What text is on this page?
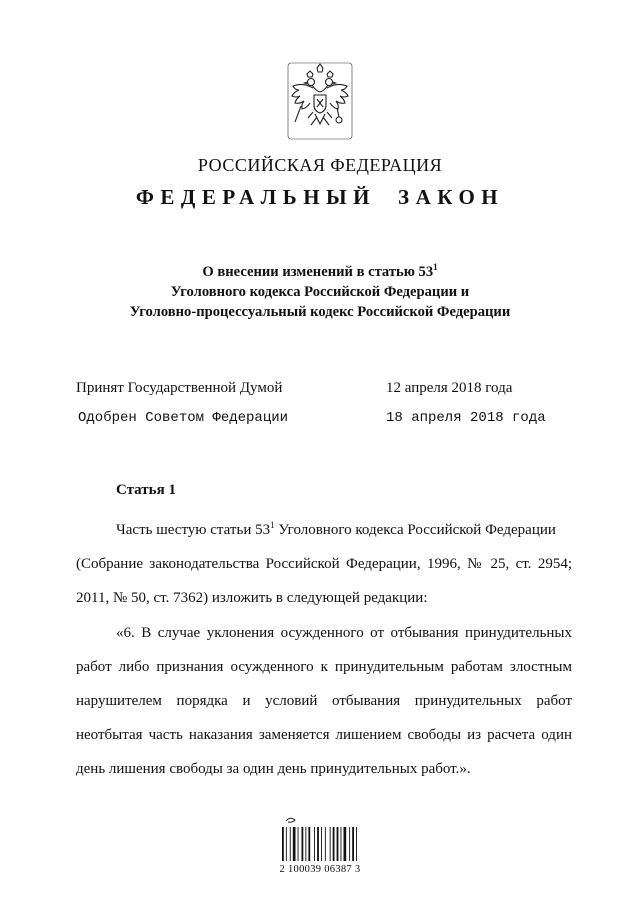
РОССИЙСКАЯ ФЕДЕРАЦИЯ
ФЕДЕРАЛЬНЫЙ ЗАКОН
О внесении изменений в статью $53^1$
Уголовного кодекса Российской Федерации и
Уголовно-процессуальный кодекс Российской Федерации
Принят Государственной Думой	12 апреля 2018 года
Одобрен Советом Федерации	18 апреля 2018 года
Статья 1
Часть шестую статьи $53^1$ Уголовного кодекса Российской Федерации
(Собрание законодательства Российской Федерации, 1996, № 25, ст. 2954;
2011, № 50, ст. 7362) изложить в следующей редакции:
«6. В случае уклонения осужденного от отбывания принудительных
работ либо признания осужденного к принудительным работам злостным
нарушителем порядка и условий отбывания принудительных работ
неотбытая часть наказания заменяется лишением свободы из расчета один
день лишения свободы за один день принудительных работ.».
2 100039 06387 3
